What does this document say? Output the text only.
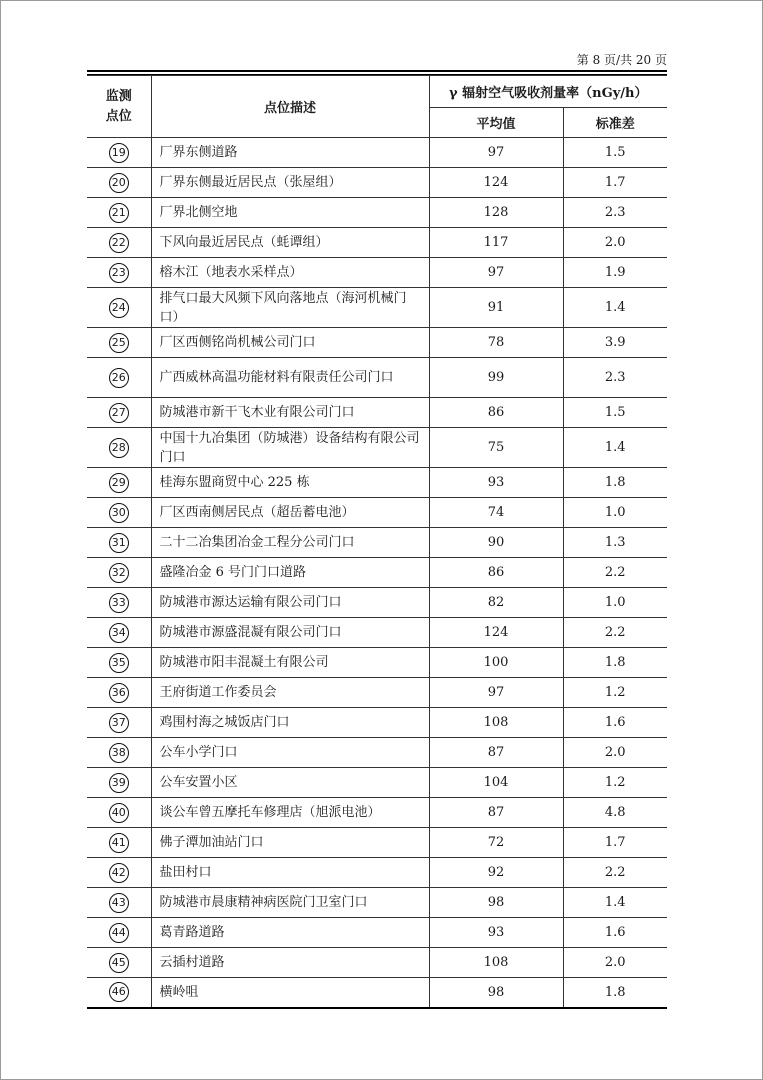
第 8 页/共 20 页
监测
点位	点位描述	γ 辐射空气吸收剂量率（nGy/h）	
		平均值	标准差
19	厂界东侧道路	97	1.5
20	厂界东侧最近居民点（张屋组）	124	1.7
21	厂界北侧空地	128	2.3
22	下风向最近居民点（蚝谭组）	117	2.0
23	榕木江（地表水采样点）	97	1.9
24	排气口最大风频下风向落地点（海河机械门口）	91	1.4
25	厂区西侧铭尚机械公司门口	78	3.9
26	广西威林高温功能材料有限责任公司门口	99	2.3
27	防城港市新干飞木业有限公司门口	86	1.5
28	中国十九冶集团（防城港）设备结构有限公司门口	75	1.4
29	桂海东盟商贸中心 225 栋	93	1.8
30	厂区西南侧居民点（超岳蓄电池）	74	1.0
31	二十二冶集团冶金工程分公司门口	90	1.3
32	盛隆冶金 6 号门门口道路	86	2.2
33	防城港市源达运输有限公司门口	82	1.0
34	防城港市源盛混凝有限公司门口	124	2.2
35	防城港市阳丰混凝土有限公司	100	1.8
36	王府街道工作委员会	97	1.2
37	鸡围村海之城饭店门口	108	1.6
38	公车小学门口	87	2.0
39	公车安置小区	104	1.2
40	谈公车曾五摩托车修理店（旭派电池）	87	4.8
41	佛子潭加油站门口	72	1.7
42	盐田村口	92	2.2
43	防城港市晨康精神病医院门卫室门口	98	1.4
44	葛青路道路	93	1.6
45	云插村道路	108	2.0
46	横岭咀	98	1.8
